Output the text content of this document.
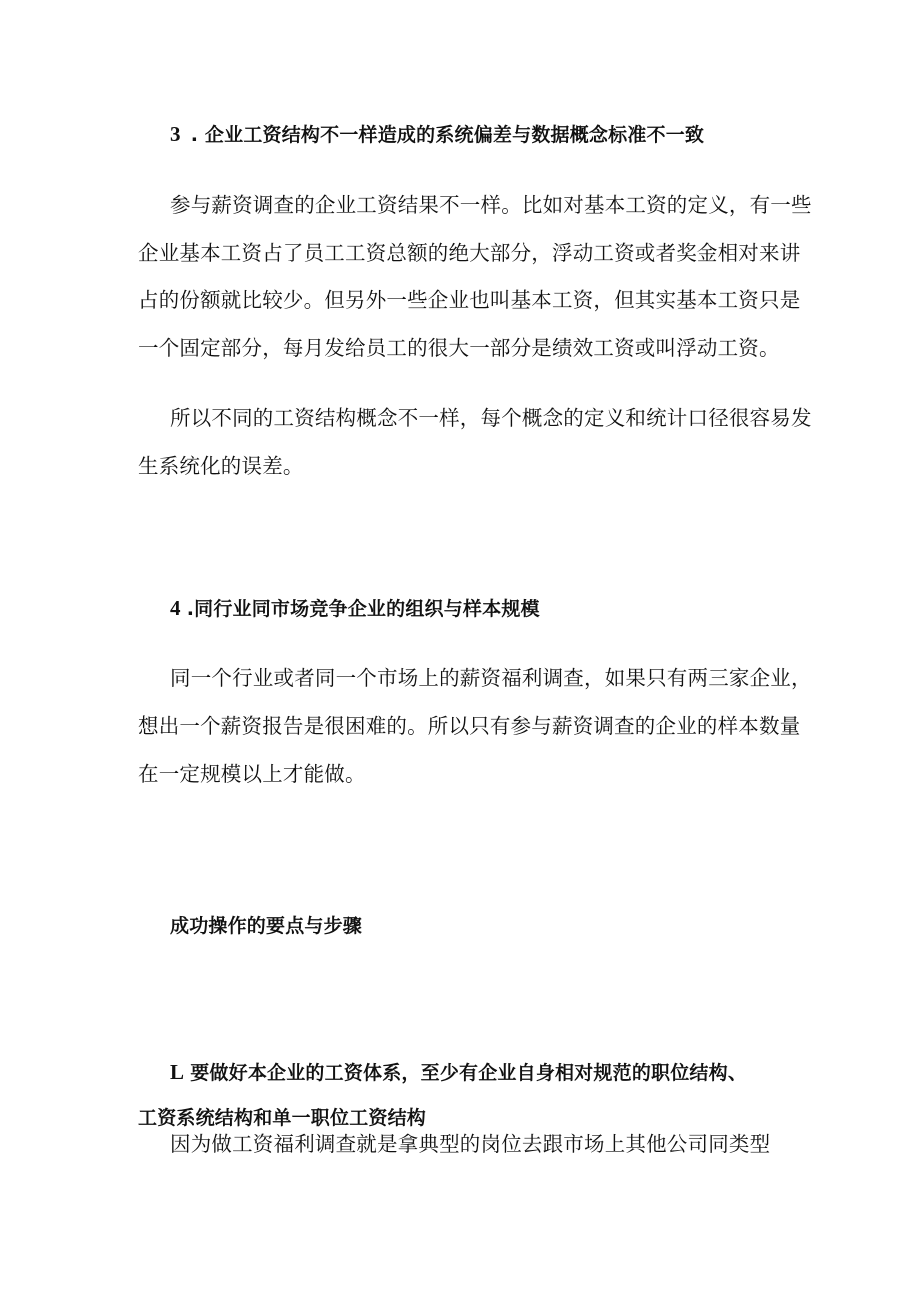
3 . 企业工资结构不一样造成的系统偏差与数据概念标准不一致
参与薪资调查的企业工资结果不一样。比如对基本工资的定义，有一些
企业基本工资占了员工工资总额的绝大部分，浮动工资或者奖金相对来讲
占的份额就比较少。但另外一些企业也叫基本工资，但其实基本工资只是
一个固定部分，每月发给员工的很大一部分是绩效工资或叫浮动工资。
所以不同的工资结构概念不一样，每个概念的定义和统计口径很容易发
生系统化的误差。
4 .同行业同市场竞争企业的组织与样本规模
同一个行业或者同一个市场上的薪资福利调查，如果只有两三家企业，
想出一个薪资报告是很困难的。所以只有参与薪资调查的企业的样本数量
在一定规模以上才能做。
成功操作的要点与步骤
L 要做好本企业的工资体系，至少有企业自身相对规范的职位结构、
工资系统结构和单一职位工资结构
因为做工资福利调查就是拿典型的岗位去跟市场上其他公司同类型
